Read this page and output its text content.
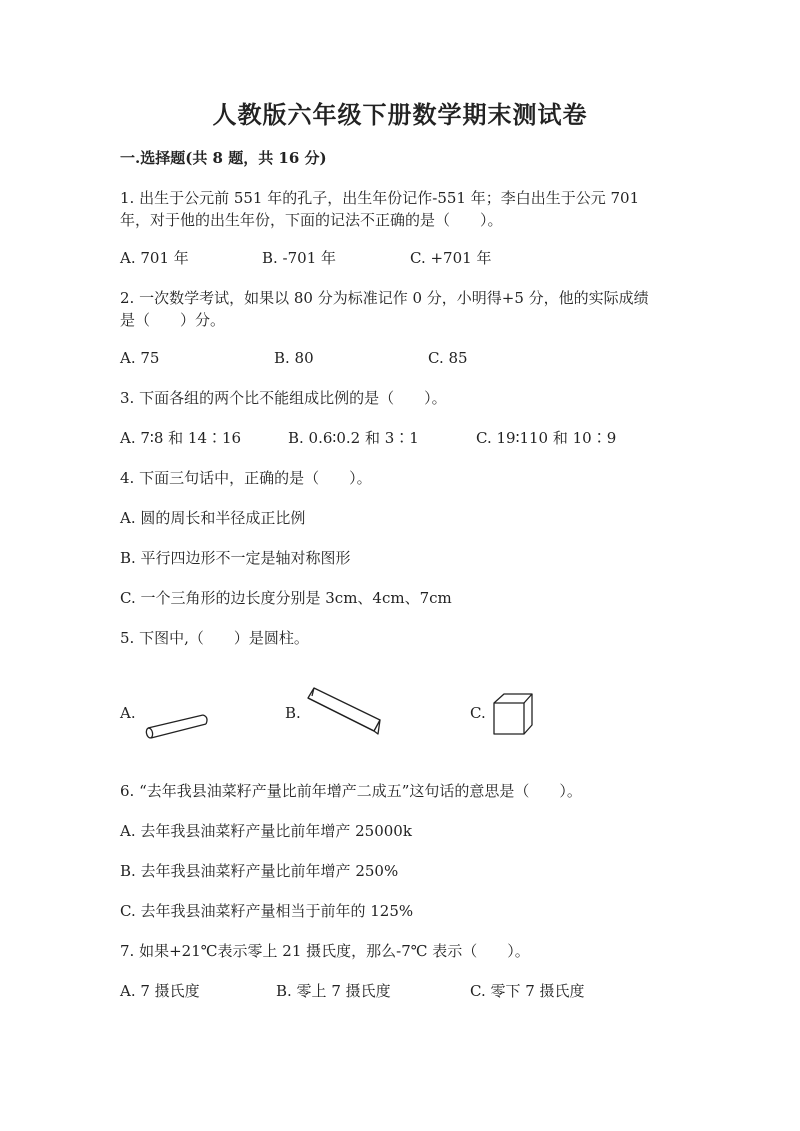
人教版六年级下册数学期末测试卷
一.选择题(共 8 题，共 16 分)
1. 出生于公元前 551 年的孔子，出生年份记作-551 年；李白出生于公元 701
年，对于他的出生年份，下面的记法不正确的是（　　）。
A. 701 年	B. -701 年	C. +701 年
2. 一次数学考试，如果以 80 分为标准记作 0 分，小明得+5 分，他的实际成绩
是（　　）分。
A. 75	B. 80	C. 85
3. 下面各组的两个比不能组成比例的是（　　）。
A. 7∶8 和 14∶16	B. 0.6∶0.2 和 3∶1	C. 19∶110 和 10∶9
4. 下面三句话中，正确的是（　　）。
A. 圆的周长和半径成正比例
B. 平行四边形不一定是轴对称图形
C. 一个三角形的边长度分别是 3cm、4cm、7cm
5. 下图中,（　　）是圆柱。
A.	B.	C.
6. “去年我县油菜籽产量比前年增产二成五”这句话的意思是（　　）。
A. 去年我县油菜籽产量比前年增产 25000k
B. 去年我县油菜籽产量比前年增产 250%
C. 去年我县油菜籽产量相当于前年的 125%
7. 如果+21℃表示零上 21 摄氏度，那么-7℃ 表示（　　）。
A. 7 摄氏度	B. 零上 7 摄氏度	C. 零下 7 摄氏度
